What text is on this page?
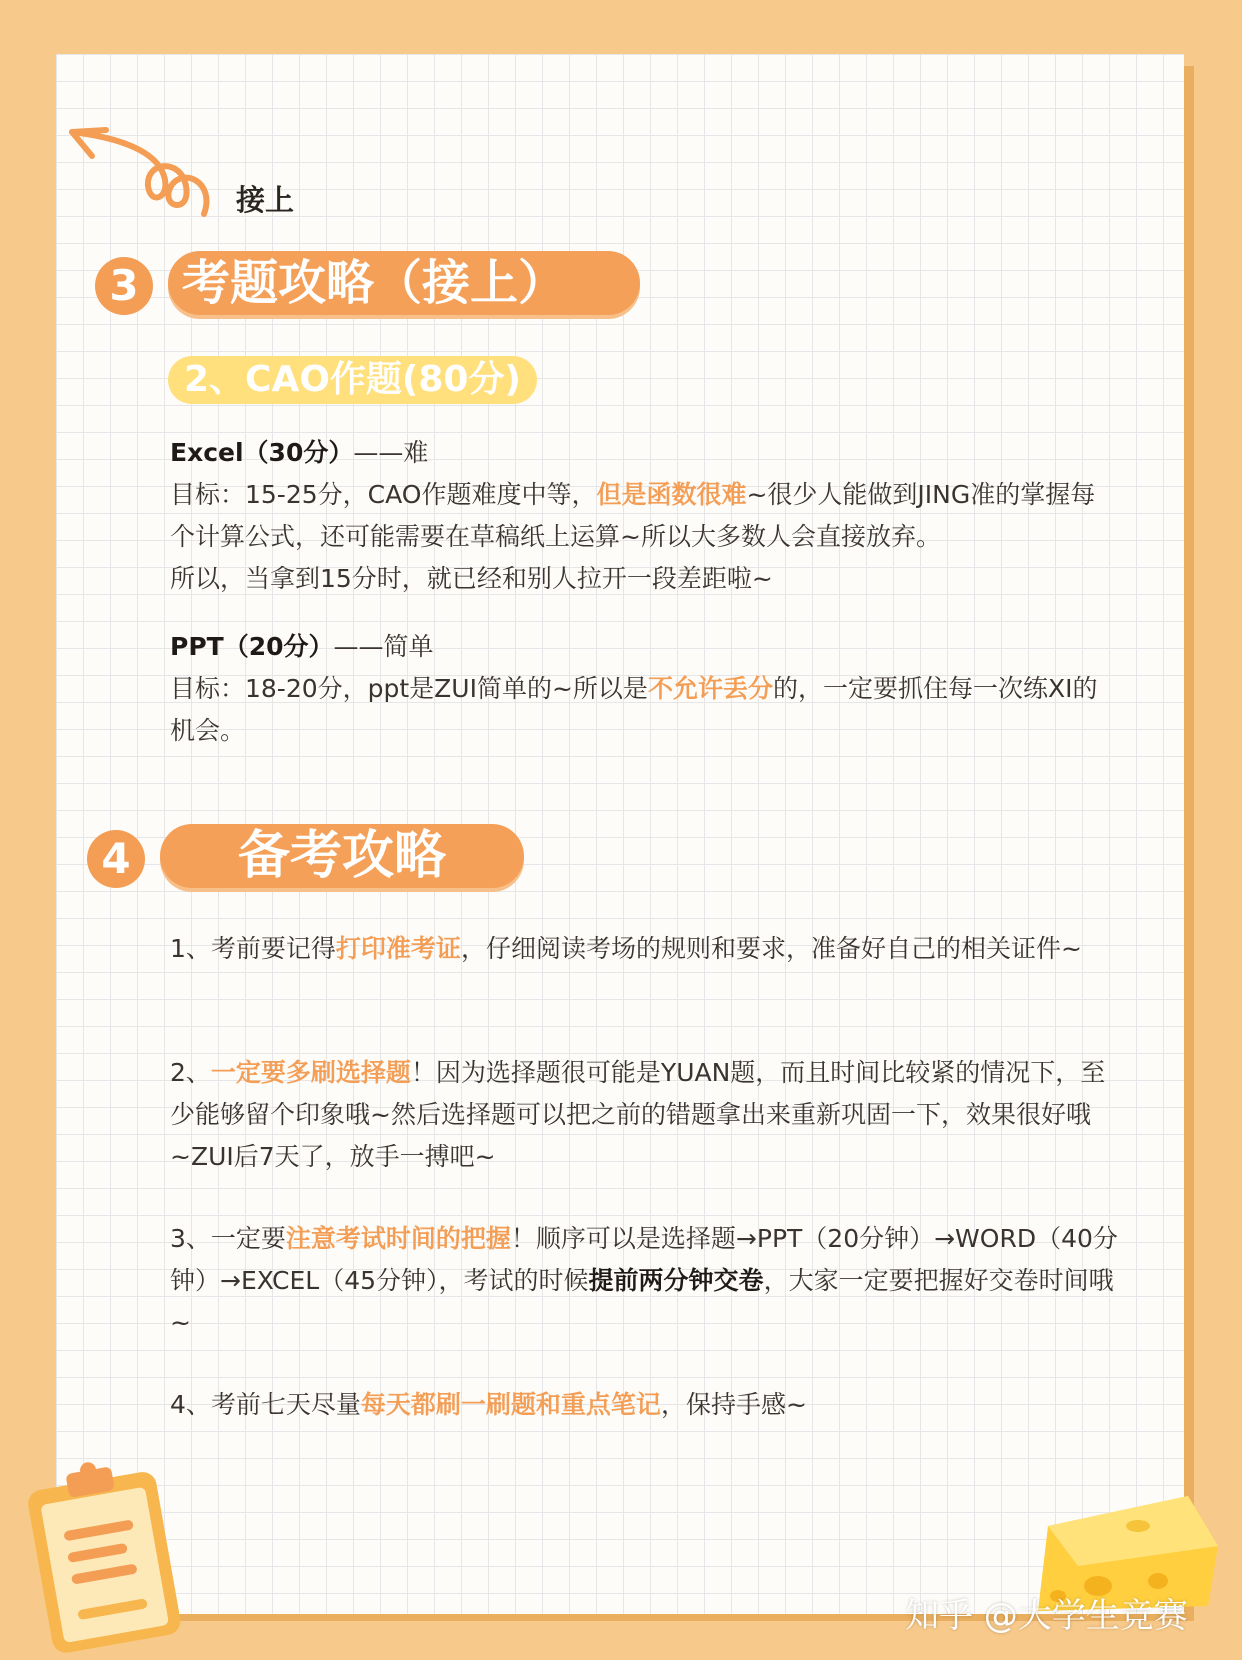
接上
3 考题攻略（接上）
2、CAO作题(80分)

Excel（30分）——难

目标：15-25分，CAO作题难度中等，但是函数很难~很少人能做到JING准的掌握每个计算公式，还可能需要在草稿纸上运算~所以大多数人会直接放弃。

所以，当拿到15分时，就已经和别人拉开一段差距啦~

PPT（20分）——简单

目标：18-20分，ppt是ZUI简单的~所以是不允许丢分的，一定要抓住每一次练XI的机会。

4	备考攻略

1、考前要记得打印准考证，仔细阅读考场的规则和要求，准备好自己的相关证件~

2、一定要多刷选择题！因为选择题很可能是YUAN题，而且时间比较紧的情况下，至少能够留个印象哦~然后选择题可以把之前的错题拿出来重新巩固一下，效果很好哦~ZUI后7天了，放手一搏吧~

3、一定要注意考试时间的把握！顺序可以是选择题→PPT（20分钟）→WORD（40分钟）→EXCEL（45分钟），考试的时候提前两分钟交卷，大家一定要把握好交卷时间哦~

4、考前七天尽量每天都刷一刷题和重点笔记，保持手感~

知乎 @大学生竞赛
